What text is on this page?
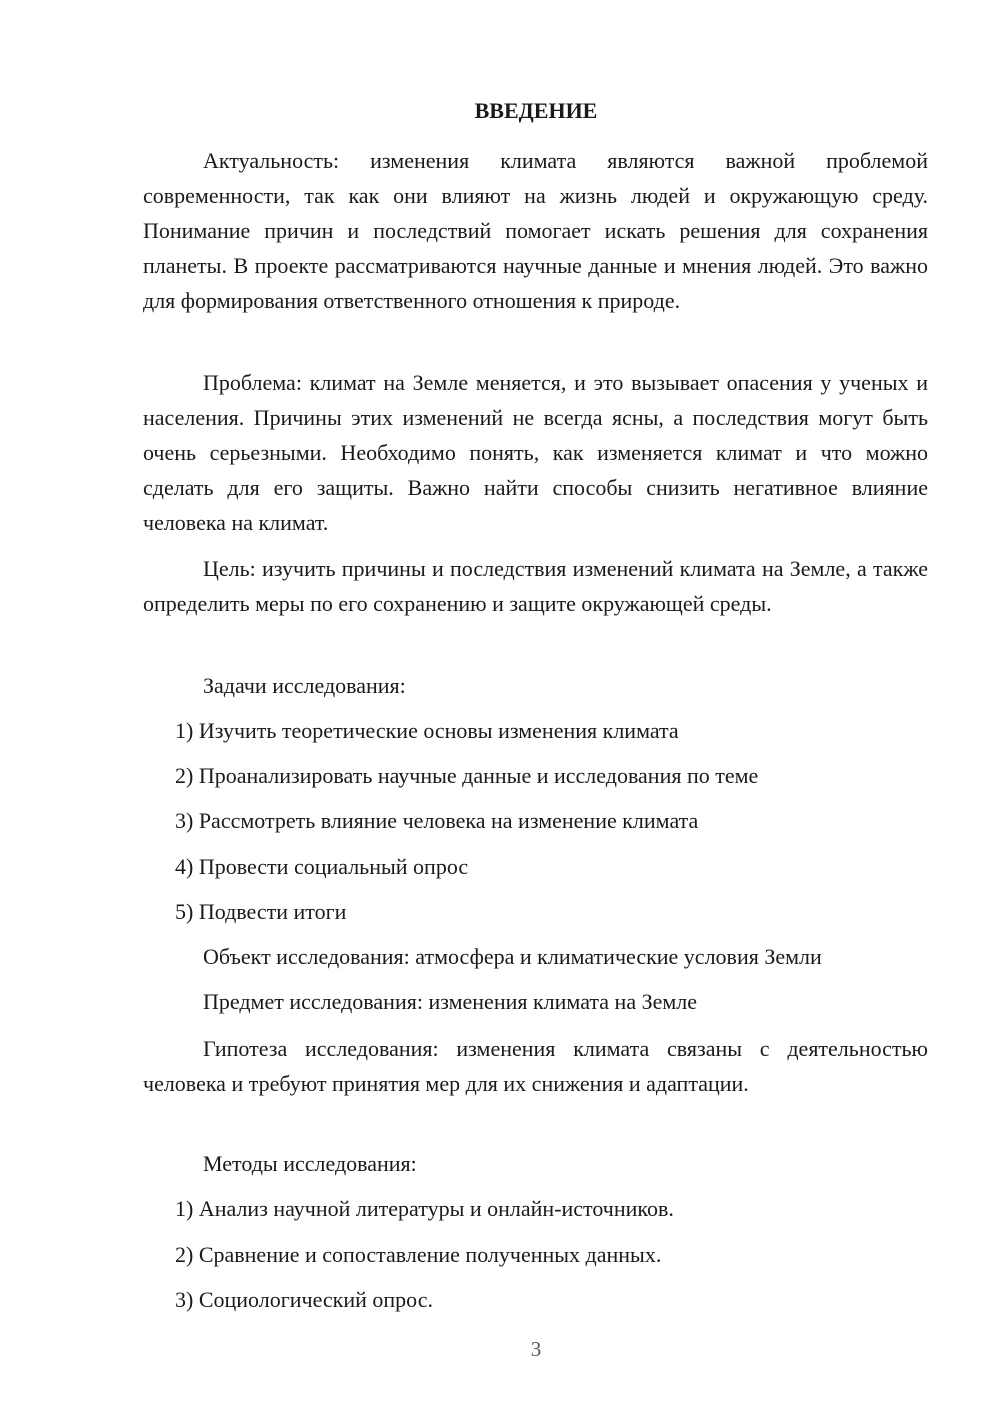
ВВЕДЕНИЕ

Актуальность: изменения климата являются важной проблемой современности, так как они влияют на жизнь людей и окружающую среду. Понимание причин и последствий помогает искать решения для сохранения планеты. В проекте рассматриваются научные данные и мнения людей. Это важно для формирования ответственного отношения к природе.

Проблема: климат на Земле меняется, и это вызывает опасения у ученых и населения. Причины этих изменений не всегда ясны, а последствия могут быть очень серьезными. Необходимо понять, как изменяется климат и что можно сделать для его защиты. Важно найти способы снизить негативное влияние человека на климат.

Цель: изучить причины и последствия изменений климата на Земле, а также определить меры по его сохранению и защите окружающей среды.

Задачи исследования:
1) Изучить теоретические основы изменения климата
2) Проанализировать научные данные и исследования по теме
3) Рассмотреть влияние человека на изменение климата
4) Провести социальный опрос
5) Подвести итоги
Объект исследования: атмосфера и климатические условия Земли
Предмет исследования: изменения климата на Земле

Гипотеза исследования: изменения климата связаны с деятельностью человека и требуют принятия мер для их снижения и адаптации.

Методы исследования:
1) Анализ научной литературы и онлайн-источников.
2) Сравнение и сопоставление полученных данных.
3) Социологический опрос.
3
